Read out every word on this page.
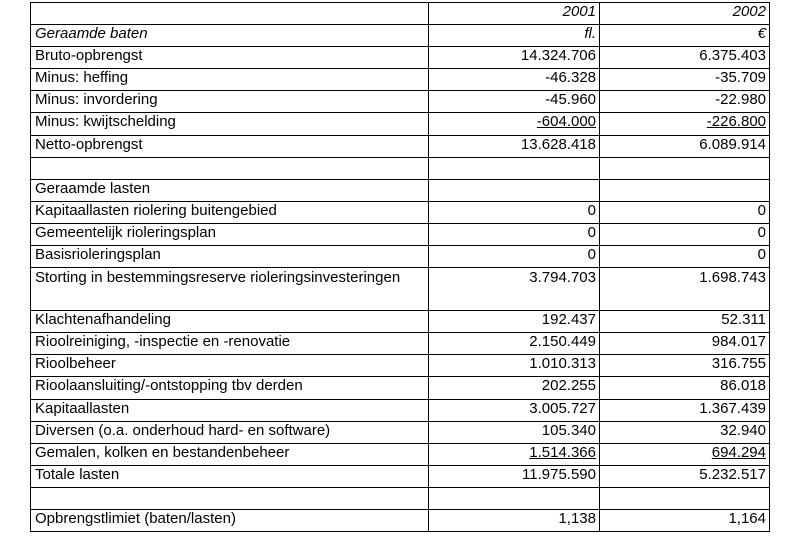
	2001	2002
Geraamde baten	fl.	€
Bruto-opbrengst	14.324.706	6.375.403
Minus: heffing	-46.328	-35.709
Minus: invordering	-45.960	-22.980
Minus: kwijtschelding	-604.000	-226.800
Netto-opbrengst	13.628.418	6.089.914

Geraamde lasten		
Kapitaallasten riolering buitengebied	0	0
Gemeentelijk rioleringsplan	0	0
Basisrioleringsplan	0	0
Storting in bestemmingsreserve rioleringsinvesteringen	3.794.703	1.698.743
Klachtenafhandeling	192.437	52.311
Rioolreiniging, -inspectie en -renovatie	2.150.449	984.017
Rioolbeheer	1.010.313	316.755
Rioolaansluiting/-ontstopping tbv derden	202.255	86.018
Kapitaallasten	3.005.727	1.367.439
Diversen (o.a. onderhoud hard- en software)	105.340	32.940
Gemalen, kolken en bestandenbeheer	1.514.366	694.294
Totale lasten	11.975.590	5.232.517

Opbrengstlimiet (baten/lasten)	1,138	1,164
